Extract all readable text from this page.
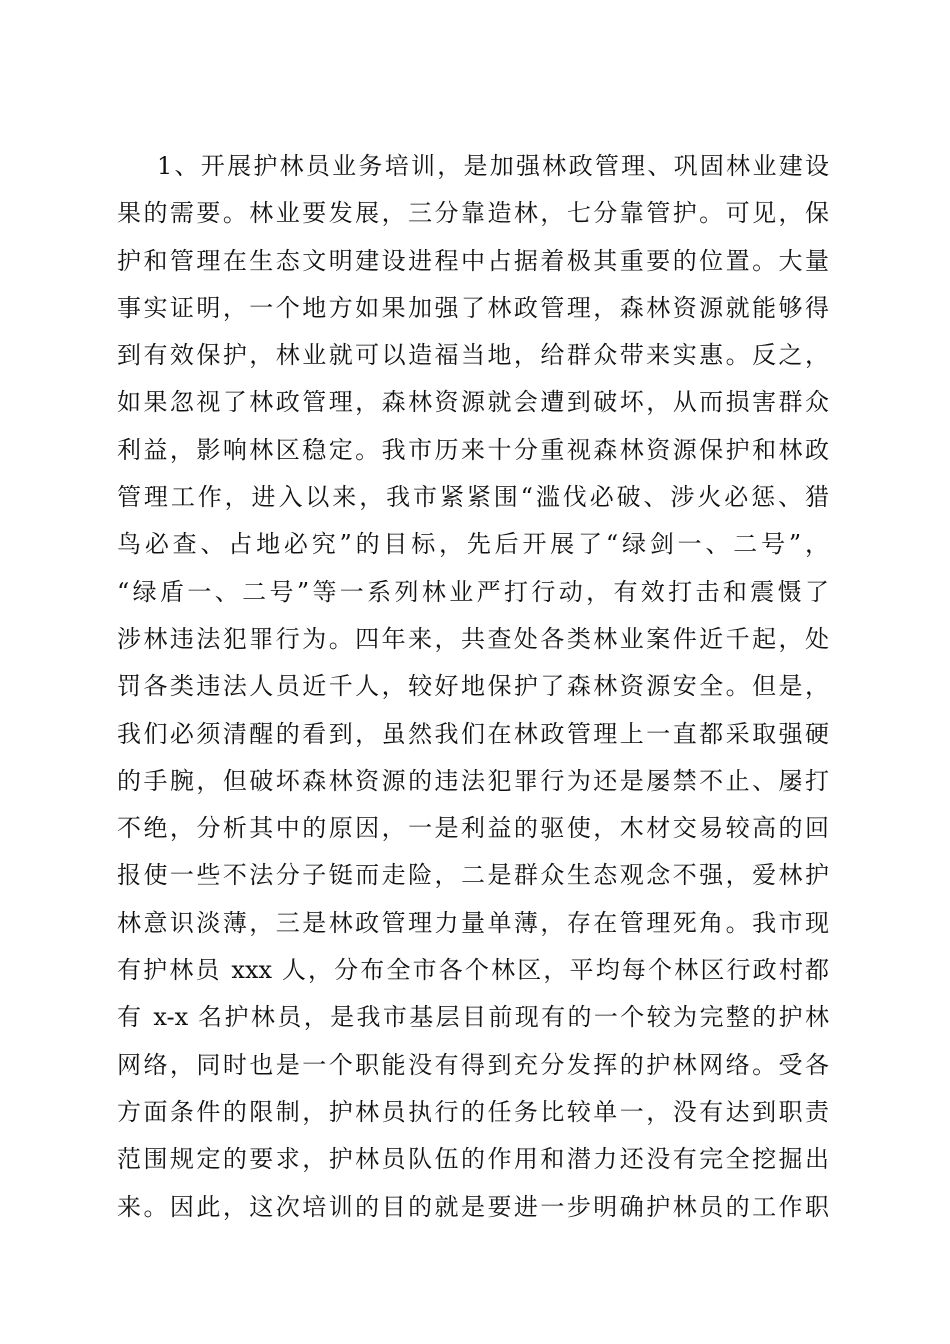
1、开展护林员业务培训，是加强林政管理、巩固林业建设
果的需要。林业要发展，三分靠造林，七分靠管护。可见，保
护和管理在生态文明建设进程中占据着极其重要的位置。大量
事实证明，一个地方如果加强了林政管理，森林资源就能够得
到有效保护，林业就可以造福当地，给群众带来实惠。反之，
如果忽视了林政管理，森林资源就会遭到破坏，从而损害群众
利益，影响林区稳定。我市历来十分重视森林资源保护和林政
管理工作，进入以来，我市紧紧围“滥伐必破、涉火必惩、猎
鸟必查、占地必究”的目标，先后开展了“绿剑一、二号”，
“绿盾一、二号”等一系列林业严打行动，有效打击和震慑了
涉林违法犯罪行为。四年来，共查处各类林业案件近千起，处
罚各类违法人员近千人，较好地保护了森林资源安全。但是，
我们必须清醒的看到，虽然我们在林政管理上一直都采取强硬
的手腕，但破坏森林资源的违法犯罪行为还是屡禁不止、屡打
不绝，分析其中的原因，一是利益的驱使，木材交易较高的回
报使一些不法分子铤而走险，二是群众生态观念不强，爱林护
林意识淡薄，三是林政管理力量单薄，存在管理死角。我市现
有护林员 xxx 人，分布全市各个林区，平均每个林区行政村都
有 x-x 名护林员，是我市基层目前现有的一个较为完整的护林
网络，同时也是一个职能没有得到充分发挥的护林网络。受各
方面条件的限制，护林员执行的任务比较单一，没有达到职责
范围规定的要求，护林员队伍的作用和潜力还没有完全挖掘出
来。因此，这次培训的目的就是要进一步明确护林员的工作职
